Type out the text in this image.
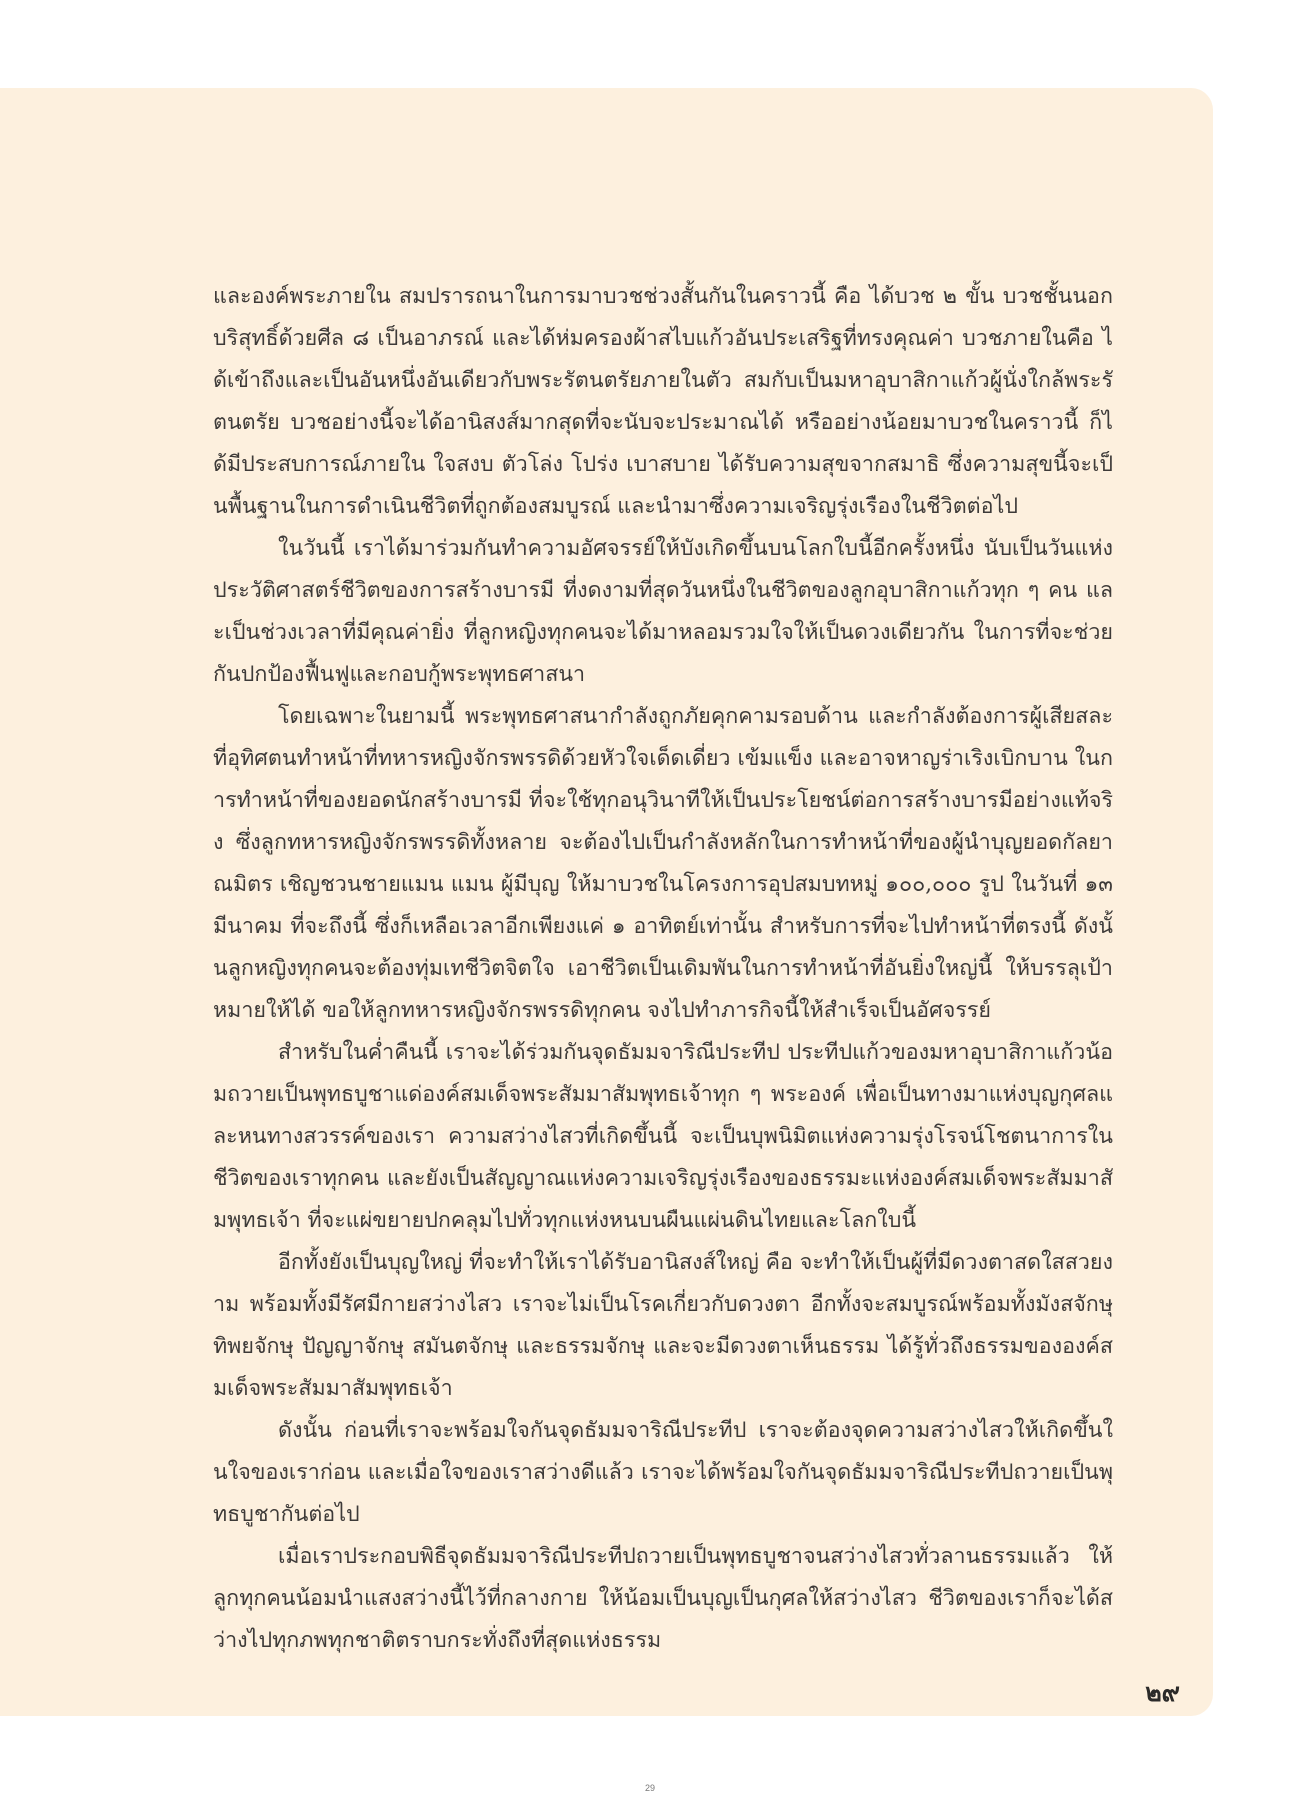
และองค์พระภายใน สมปรารถนาในการมาบวชช่วงสั้นกันในคราวนี้ คือ ได้บวช ๒ ขั้น บวชชั้นนอกบริสุทธิ์ด้วยศีล ๘ เป็นอาภรณ์ และได้ห่มครองผ้าสไบแก้วอันประเสริฐที่ทรงคุณค่า บวชภายในคือ ได้เข้าถึงและเป็นอันหนึ่งอันเดียวกับพระรัตนตรัยภายในตัว สมกับเป็นมหาอุบาสิกาแก้วผู้นั่งใกล้พระรัตนตรัย บวชอย่างนี้จะได้อานิสงส์มากสุดที่จะนับจะประมาณได้ หรืออย่างน้อยมาบวชในคราวนี้ ก็ได้มีประสบการณ์ภายใน ใจสงบ ตัวโล่ง โปร่ง เบาสบาย ได้รับความสุขจากสมาธิ ซึ่งความสุขนี้จะเป็นพื้นฐานในการดำเนินชีวิตที่ถูกต้องสมบูรณ์ และนำมาซึ่งความเจริญรุ่งเรืองในชีวิตต่อไป

ในวันนี้ เราได้มาร่วมกันทำความอัศจรรย์ให้บังเกิดขึ้นบนโลกใบนี้อีกครั้งหนึ่ง นับเป็นวันแห่งประวัติศาสตร์ชีวิตของการสร้างบารมี ที่งดงามที่สุดวันหนึ่งในชีวิตของลูกอุบาสิกาแก้วทุก ๆ คน และเป็นช่วงเวลาที่มีคุณค่ายิ่ง ที่ลูกหญิงทุกคนจะได้มาหลอมรวมใจให้เป็นดวงเดียวกัน ในการที่จะช่วยกันปกป้องฟื้นฟูและกอบกู้พระพุทธศาสนา

โดยเฉพาะในยามนี้ พระพุทธศาสนากำลังถูกภัยคุกคามรอบด้าน และกำลังต้องการผู้เสียสละ ที่อุทิศตนทำหน้าที่ทหารหญิงจักรพรรดิด้วยหัวใจเด็ดเดี่ยว เข้มแข็ง และอาจหาญร่าเริงเบิกบาน ในการทำหน้าที่ของยอดนักสร้างบารมี ที่จะใช้ทุกอนุวินาทีให้เป็นประโยชน์ต่อการสร้างบารมีอย่างแท้จริง ซึ่งลูกทหารหญิงจักรพรรดิทั้งหลาย จะต้องไปเป็นกำลังหลักในการทำหน้าที่ของผู้นำบุญยอดกัลยาณมิตร เชิญชวนชายแมน แมน ผู้มีบุญ ให้มาบวชในโครงการอุปสมบทหมู่ ๑๐๐,๐๐๐ รูป ในวันที่ ๑๓ มีนาคม ที่จะถึงนี้ ซึ่งก็เหลือเวลาอีกเพียงแค่ ๑ อาทิตย์เท่านั้น สำหรับการที่จะไปทำหน้าที่ตรงนี้ ดังนั้นลูกหญิงทุกคนจะต้องทุ่มเทชีวิตจิตใจ เอาชีวิตเป็นเดิมพันในการทำหน้าที่อันยิ่งใหญ่นี้ ให้บรรลุเป้าหมายให้ได้ ขอให้ลูกทหารหญิงจักรพรรดิทุกคน จงไปทำภารกิจนี้ให้สำเร็จเป็นอัศจรรย์

สำหรับในค่ำคืนนี้ เราจะได้ร่วมกันจุดธัมมจาริณีประทีป ประทีปแก้วของมหาอุบาสิกาแก้วน้อมถวายเป็นพุทธบูชาแด่องค์สมเด็จพระสัมมาสัมพุทธเจ้าทุก ๆ พระองค์ เพื่อเป็นทางมาแห่งบุญกุศลและหนทางสวรรค์ของเรา ความสว่างไสวที่เกิดขึ้นนี้ จะเป็นบุพนิมิตแห่งความรุ่งโรจน์โชตนาการในชีวิตของเราทุกคน และยังเป็นสัญญาณแห่งความเจริญรุ่งเรืองของธรรมะแห่งองค์สมเด็จพระสัมมาสัมพุทธเจ้า ที่จะแผ่ขยายปกคลุมไปทั่วทุกแห่งหนบนผืนแผ่นดินไทยและโลกใบนี้

อีกทั้งยังเป็นบุญใหญ่ ที่จะทำให้เราได้รับอานิสงส์ใหญ่ คือ จะทำให้เป็นผู้ที่มีดวงตาสดใสสวยงาม พร้อมทั้งมีรัศมีกายสว่างไสว เราจะไม่เป็นโรคเกี่ยวกับดวงตา อีกทั้งจะสมบูรณ์พร้อมทั้งมังสจักษุ ทิพยจักษุ ปัญญาจักษุ สมันตจักษุ และธรรมจักษุ และจะมีดวงตาเห็นธรรม ได้รู้ทั่วถึงธรรมขององค์สมเด็จพระสัมมาสัมพุทธเจ้า

ดังนั้น ก่อนที่เราจะพร้อมใจกันจุดธัมมจาริณีประทีป เราจะต้องจุดความสว่างไสวให้เกิดขึ้นในใจของเราก่อน และเมื่อใจของเราสว่างดีแล้ว เราจะได้พร้อมใจกันจุดธัมมจาริณีประทีปถวายเป็นพุทธบูชากันต่อไป

เมื่อเราประกอบพิธีจุดธัมมจาริณีประทีปถวายเป็นพุทธบูชาจนสว่างไสวทั่วลานธรรมแล้ว ให้ลูกทุกคนน้อมนำแสงสว่างนี้ไว้ที่กลางกาย ให้น้อมเป็นบุญเป็นกุศลให้สว่างไสว ชีวิตของเราก็จะได้สว่างไปทุกภพทุกชาติตราบกระทั่งถึงที่สุดแห่งธรรม

๒๙
29
